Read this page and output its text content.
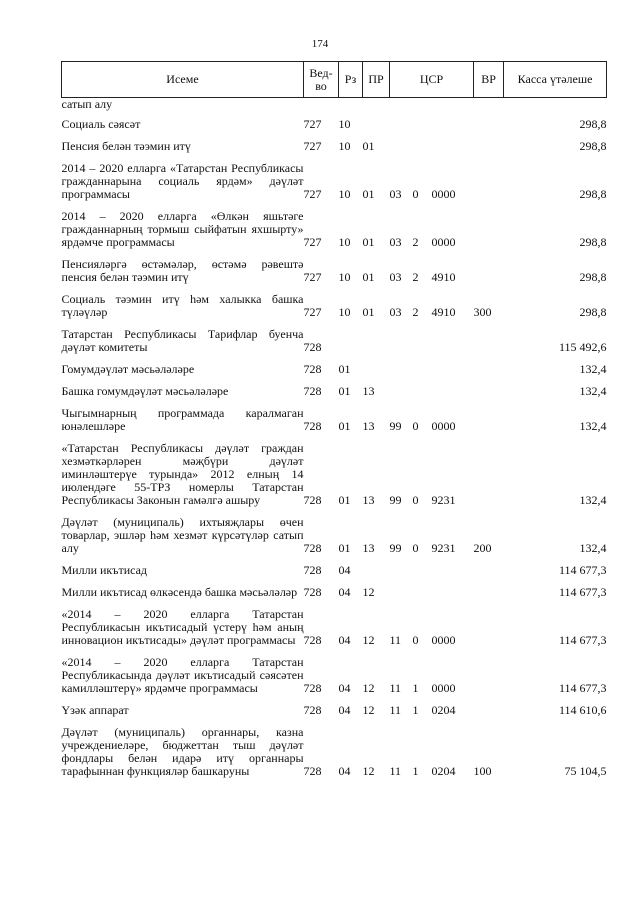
174
Исеме	Вед-во	Рз	ПР	ЦСР			ВР	Касса үтәлеше
сатып алу								
Социаль сәясәт	727	10						298,8
Пенсия белән тәэмин итү	727	10	01					298,8
2014 – 2020 елларга «Татарстан Республикасы гражданнарына социаль ярдәм» дәүләт программасы	727	10	01	03	0	0000		298,8
2014 – 2020 елларга «Өлкән яшьтәге гражданнарның тормыш сыйфатын яхшырту» ярдәмче программасы	727	10	01	03	2	0000		298,8
Пенсияләргә өстәмәләр, өстәмә рәвештә пенсия белән тәэмин итү	727	10	01	03	2	4910		298,8
Социаль тәэмин итү һәм халыкка башка түләүләр	727	10	01	03	2	4910	300	298,8
Татарстан Республикасы Тарифлар буенча дәүләт комитеты	728							115 492,6
Гомумдәүләт мәсьәләләре	728	01						132,4
Башка гомумдәүләт мәсьәләләре	728	01	13					132,4
Чыгымнарның программада каралмаган юнәлешләре	728	01	13	99	0	0000		132,4
«Татарстан Республикасы дәүләт граждан хезмәткәрләрен мәҗбүри дәүләт иминләштерүе турында» 2012 елның 14 июлендәге 55-ТРЗ номерлы Татарстан Республикасы Законын гамәлгә ашыру	728	01	13	99	0	9231		132,4
Дәүләт (муниципаль) ихтыяҗлары өчен товарлар, эшләр һәм хезмәт күрсәтүләр сатып алу	728	01	13	99	0	9231	200	132,4
Милли икътисад	728	04						114 677,3
Милли икътисад өлкәсендә башка мәсьәләләр	728	04	12					114 677,3
«2014 – 2020 елларга Татарстан Республикасын икътисадый үстерү һәм аның инновацион икътисады» дәүләт программасы	728	04	12	11	0	0000		114 677,3
«2014 – 2020 елларга Татарстан Республикасында дәүләт икътисадый сәясәтен камилләштерү» ярдәмче программасы	728	04	12	11	1	0000		114 677,3
Үзәк аппарат	728	04	12	11	1	0204		114 610,6
Дәүләт (муниципаль) органнары, казна учреждениеләре, бюджеттан тыш дәүләт фондлары белән идарә итү органнары тарафыннан функцияләр башкаруны	728	04	12	11	1	0204	100	75 104,5
